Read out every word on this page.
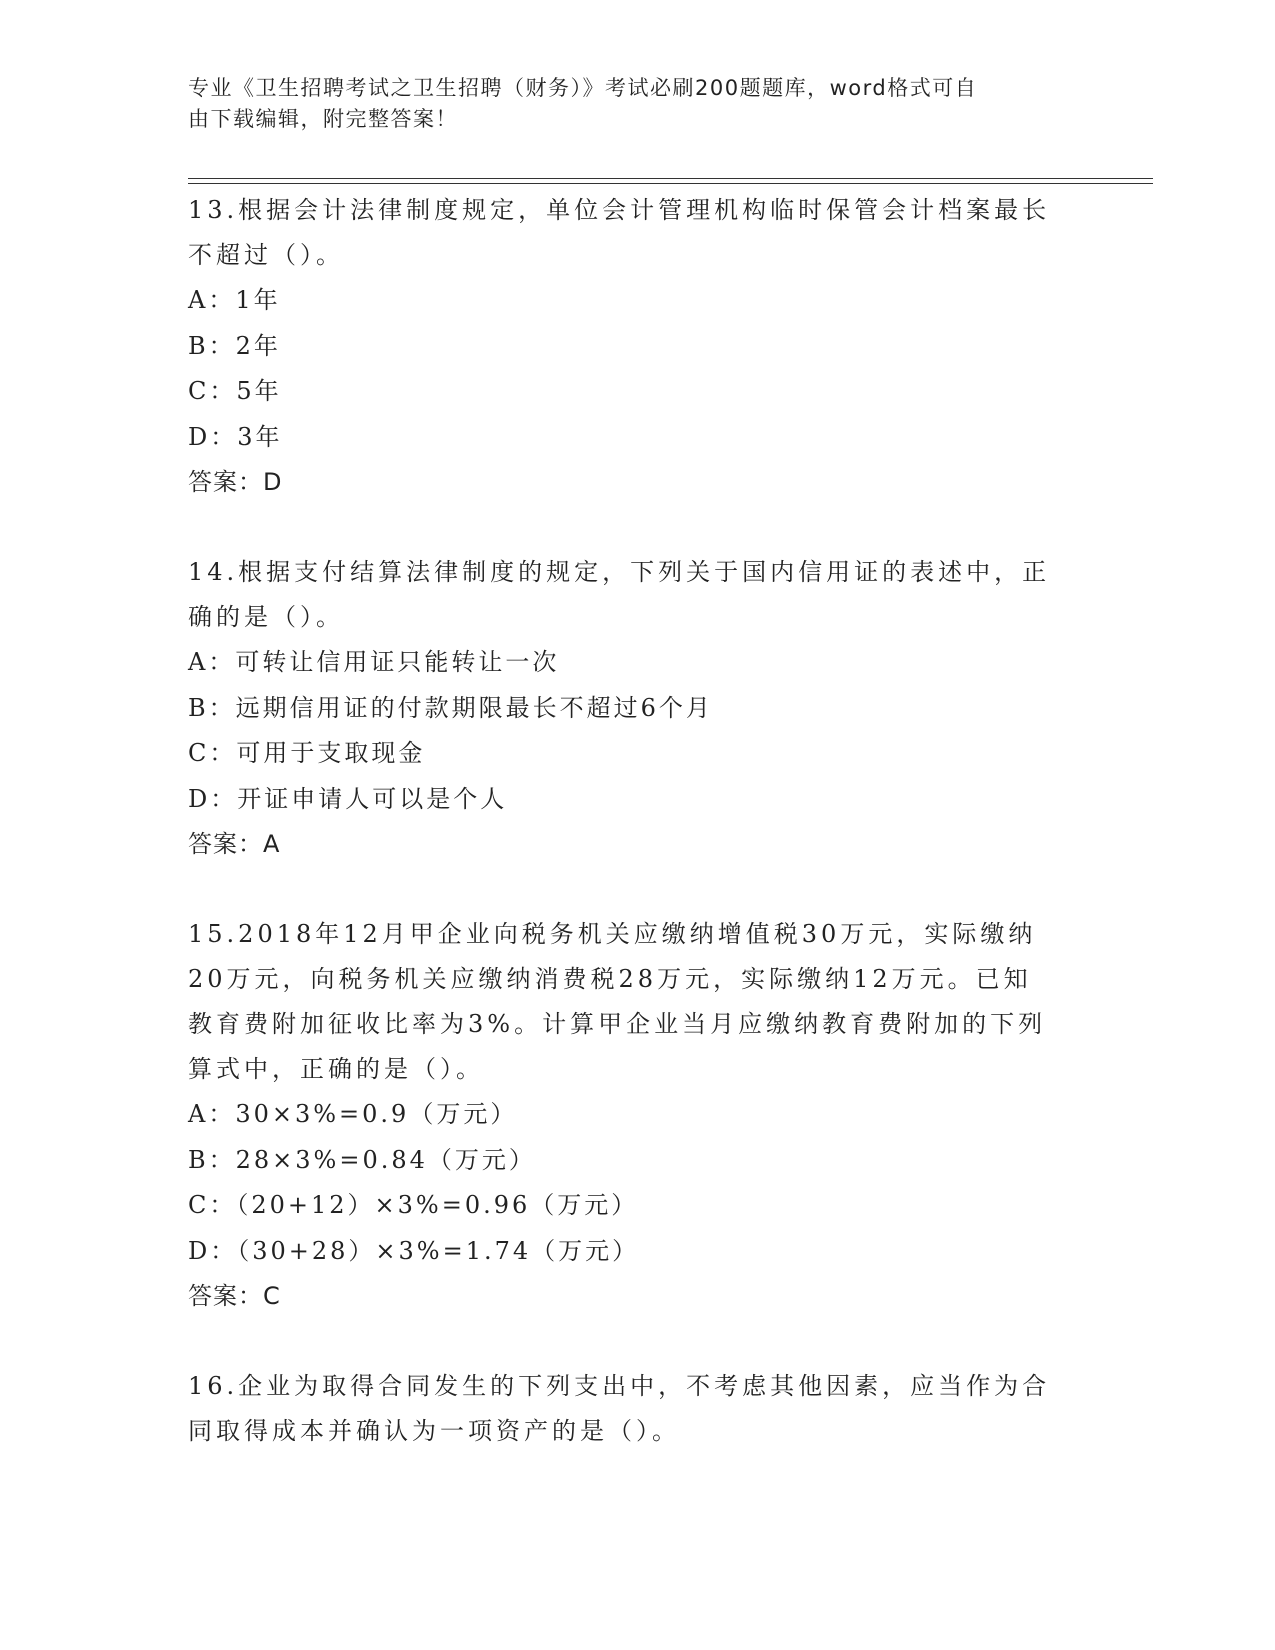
专业《卫生招聘考试之卫生招聘（财务）》考试必刷200题题库，word格式可自
由下载编辑，附完整答案！

13.根据会计法律制度规定，单位会计管理机构临时保管会计档案最长

不超过（）。

A：1年

B：2年

C：5年

D：3年

答案：D

14.根据支付结算法律制度的规定，下列关于国内信用证的表述中，正

确的是（）。

A：可转让信用证只能转让一次

B：远期信用证的付款期限最长不超过6个月

C：可用于支取现金

D：开证申请人可以是个人

答案：A

15.2018年12月甲企业向税务机关应缴纳增值税30万元，实际缴纳

20万元，向税务机关应缴纳消费税28万元，实际缴纳12万元。已知

教育费附加征收比率为3%。计算甲企业当月应缴纳教育费附加的下列

算式中，正确的是（）。

A：30×3%=0.9（万元）

B：28×3%=0.84（万元）

C：（20+12）×3%=0.96（万元）

D：（30+28）×3%=1.74（万元）

答案：C

16.企业为取得合同发生的下列支出中，不考虑其他因素，应当作为合

同取得成本并确认为一项资产的是（）。
